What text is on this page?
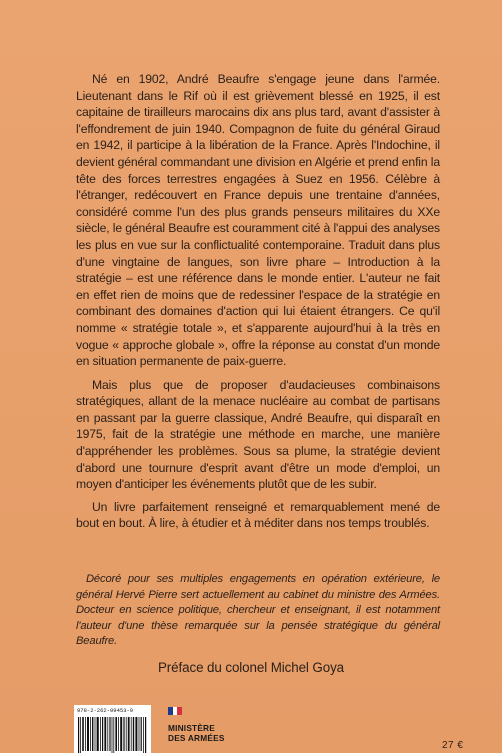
Né en 1902, André Beaufre s'engage jeune dans l'armée. Lieutenant dans le Rif où il est grièvement blessé en 1925, il est capitaine de tirailleurs marocains dix ans plus tard, avant d'assister à l'effondrement de juin 1940. Compagnon de fuite du général Giraud en 1942, il participe à la libération de la France. Après l'Indochine, il devient général commandant une division en Algérie et prend enfin la tête des forces terrestres engagées à Suez en 1956. Célèbre à l'étranger, redécouvert en France depuis une trentaine d'années, considéré comme l'un des plus grands penseurs militaires du XXe siècle, le général Beaufre est couramment cité à l'appui des analyses les plus en vue sur la conflictualité contemporaine. Traduit dans plus d'une vingtaine de langues, son livre phare – Introduction à la stratégie – est une référence dans le monde entier. L'auteur ne fait en effet rien de moins que de redessiner l'espace de la stratégie en combinant des domaines d'action qui lui étaient étrangers. Ce qu'il nomme « stratégie totale », et s'apparente aujourd'hui à la très en vogue « approche globale », offre la réponse au constat d'un monde en situation permanente de paix-guerre.

Mais plus que de proposer d'audacieuses combinaisons stratégiques, allant de la menace nucléaire au combat de partisans en passant par la guerre classique, André Beaufre, qui disparaît en 1975, fait de la stratégie une méthode en marche, une manière d'appréhender les problèmes. Sous sa plume, la stratégie devient d'abord une tournure d'esprit avant d'être un mode d'emploi, un moyen d'anticiper les événements plutôt que de les subir.

Un livre parfaitement renseigné et remarquablement mené de bout en bout. À lire, à étudier et à méditer dans nos temps troublés.

Décoré pour ses multiples engagements en opération extérieure, le général Hervé Pierre sert actuellement au cabinet du ministre des Armées. Docteur en science politique, chercheur et enseignant, il est notamment l'auteur d'une thèse remarquée sur la pensée stratégique du général Beaufre.

Préface du colonel Michel Goya
978-2-262-09453-9
MINISTÈRE
DES ARMÉES
27 €
